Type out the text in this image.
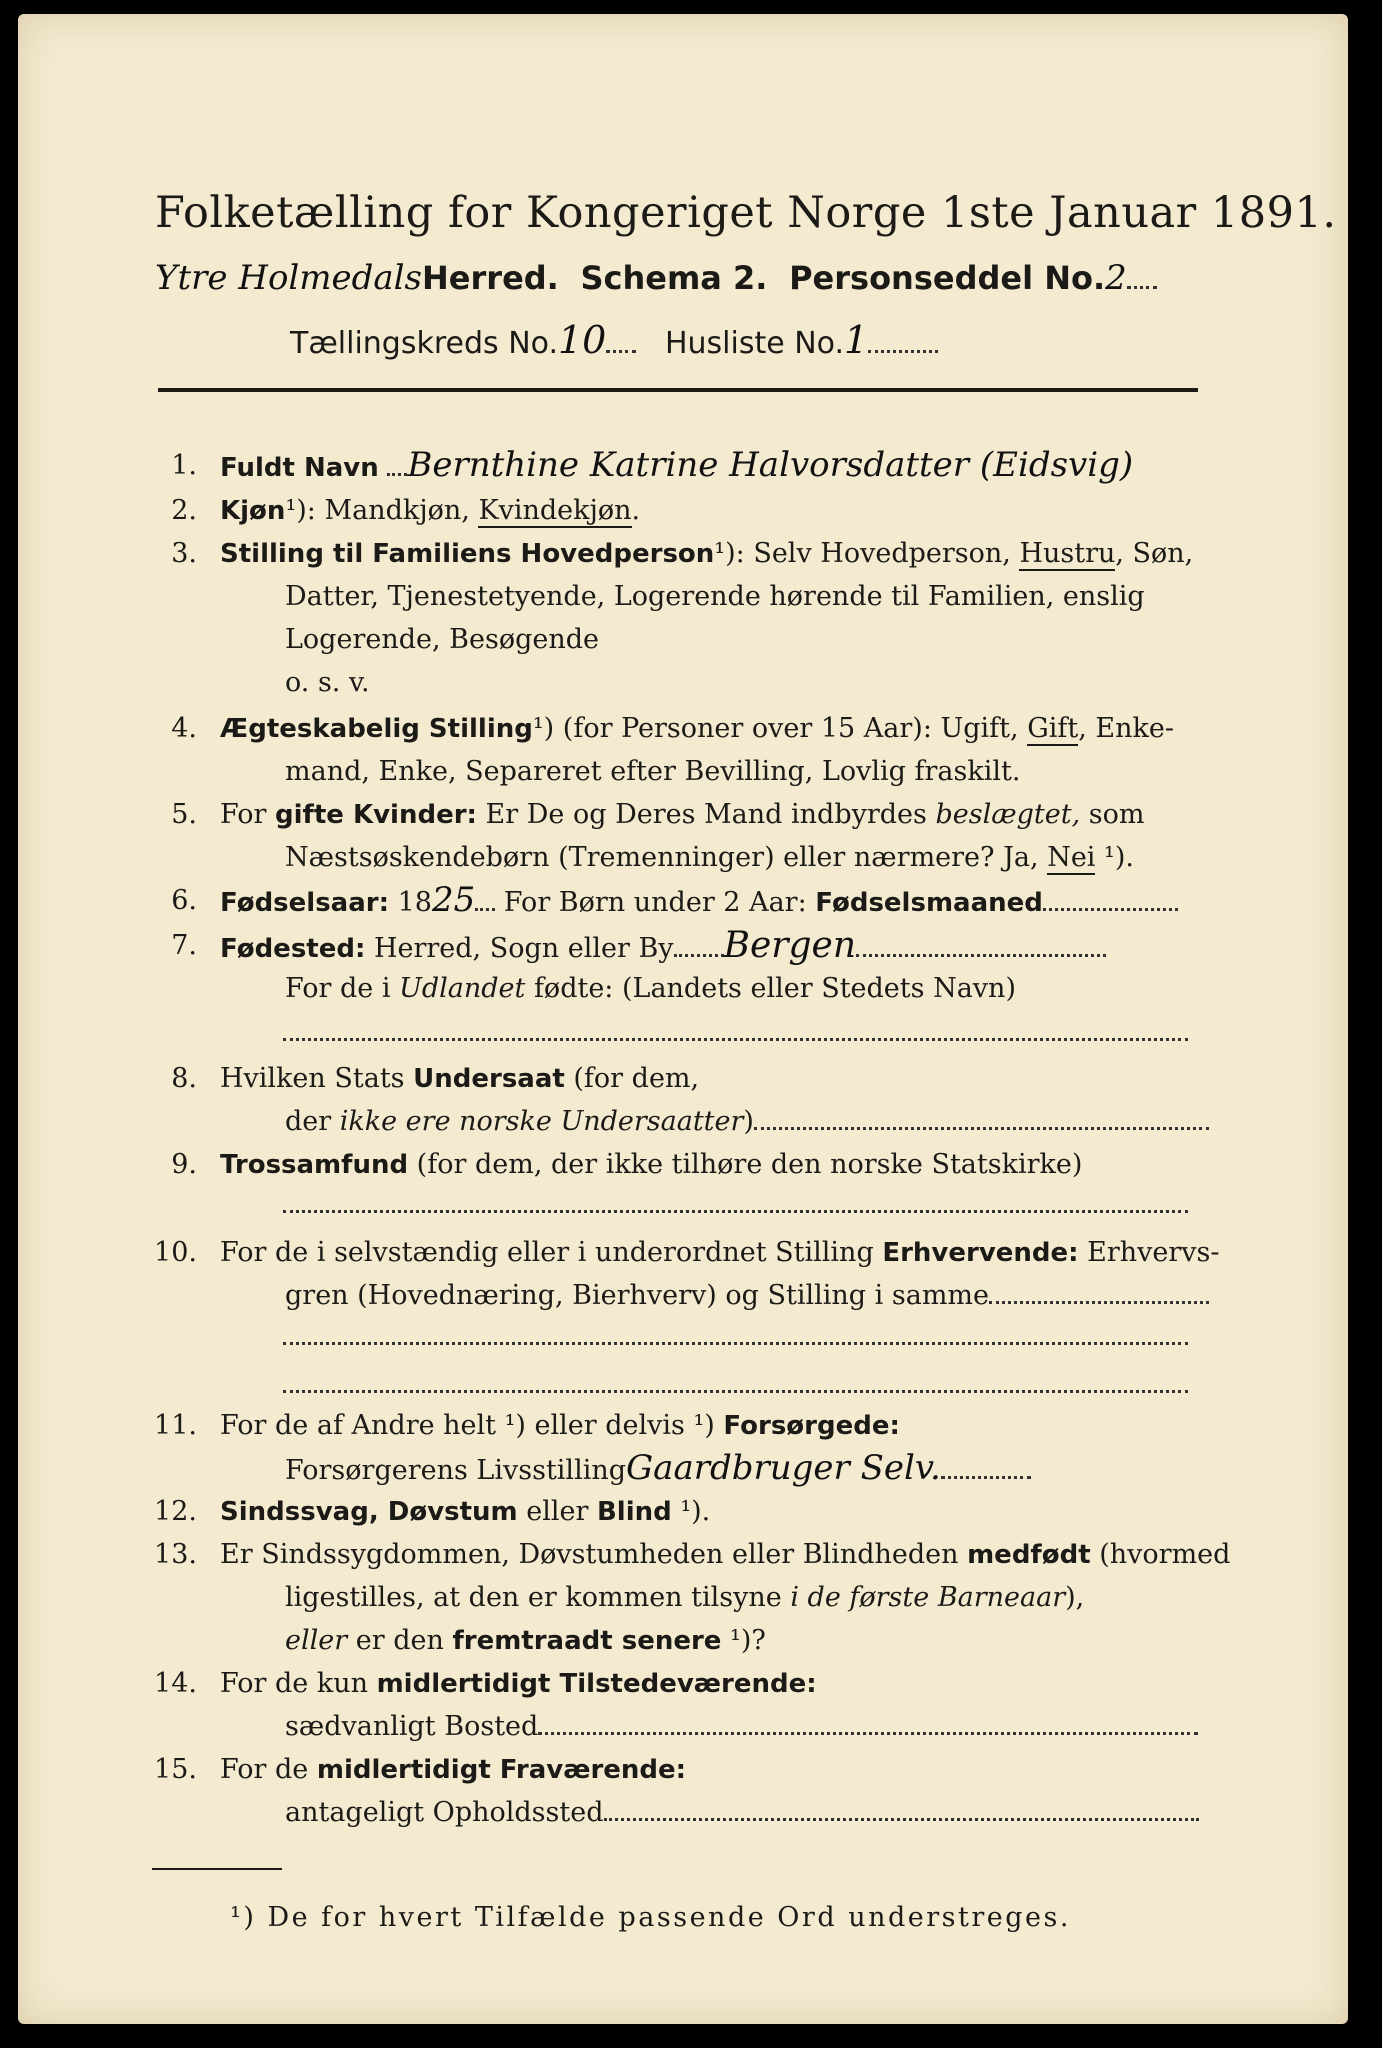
Folketælling for Kongeriget Norge 1ste Januar 1891.
Ytre HolmedalsHerred. Schema 2. Personseddel No.2
Tællingskreds No.10 Husliste No.1
1. Fuldt Navn Bernthine Katrine Halvorsdatter (Eidsvig)
2. Kjøn¹): Mandkjøn, Kvindekjøn.
3. Stilling til Familiens Hovedperson¹): Selv Hovedperson, Hustru, Søn,
Datter, Tjenestetyende, Logerende hørende til Familien, enslig
Logerende, Besøgende
o. s. v.
4. Ægteskabelig Stilling¹) (for Personer over 15 Aar): Ugift, Gift, Enke-
mand, Enke, Separeret efter Bevilling, Lovlig fraskilt.
5. For gifte Kvinder: Er De og Deres Mand indbyrdes beslægtet, som
Næstsøskendebørn (Tremenninger) eller nærmere? Ja, Nei ¹).
6. Fødselsaar: 1825 For Børn under 2 Aar: Fødselsmaaned
7. Fødested: Herred, Sogn eller By Bergen
For de i Udlandet fødte: (Landets eller Stedets Navn)
8. Hvilken Stats Undersaat (for dem,
der ikke ere norske Undersaatter)
9. Trossamfund (for dem, der ikke tilhøre den norske Statskirke)
10. For de i selvstændig eller i underordnet Stilling Erhvervende: Erhvervs-
gren (Hovednæring, Bierhverv) og Stilling i samme
11. For de af Andre helt ¹) eller delvis ¹) Forsørgede:
Forsørgerens LivsstillingGaardbruger Selv.
12. Sindssvag, Døvstum eller Blind ¹).
13. Er Sindssygdommen, Døvstumheden eller Blindheden medfødt (hvormed
ligestilles, at den er kommen tilsyne i de første Barneaar),
eller er den fremtraadt senere ¹)?
14. For de kun midlertidigt Tilstedeværende:
sædvanligt Bosted
15. For de midlertidigt Fraværende:
antageligt Opholdssted
¹) De for hvert Tilfælde passende Ord understreges.
